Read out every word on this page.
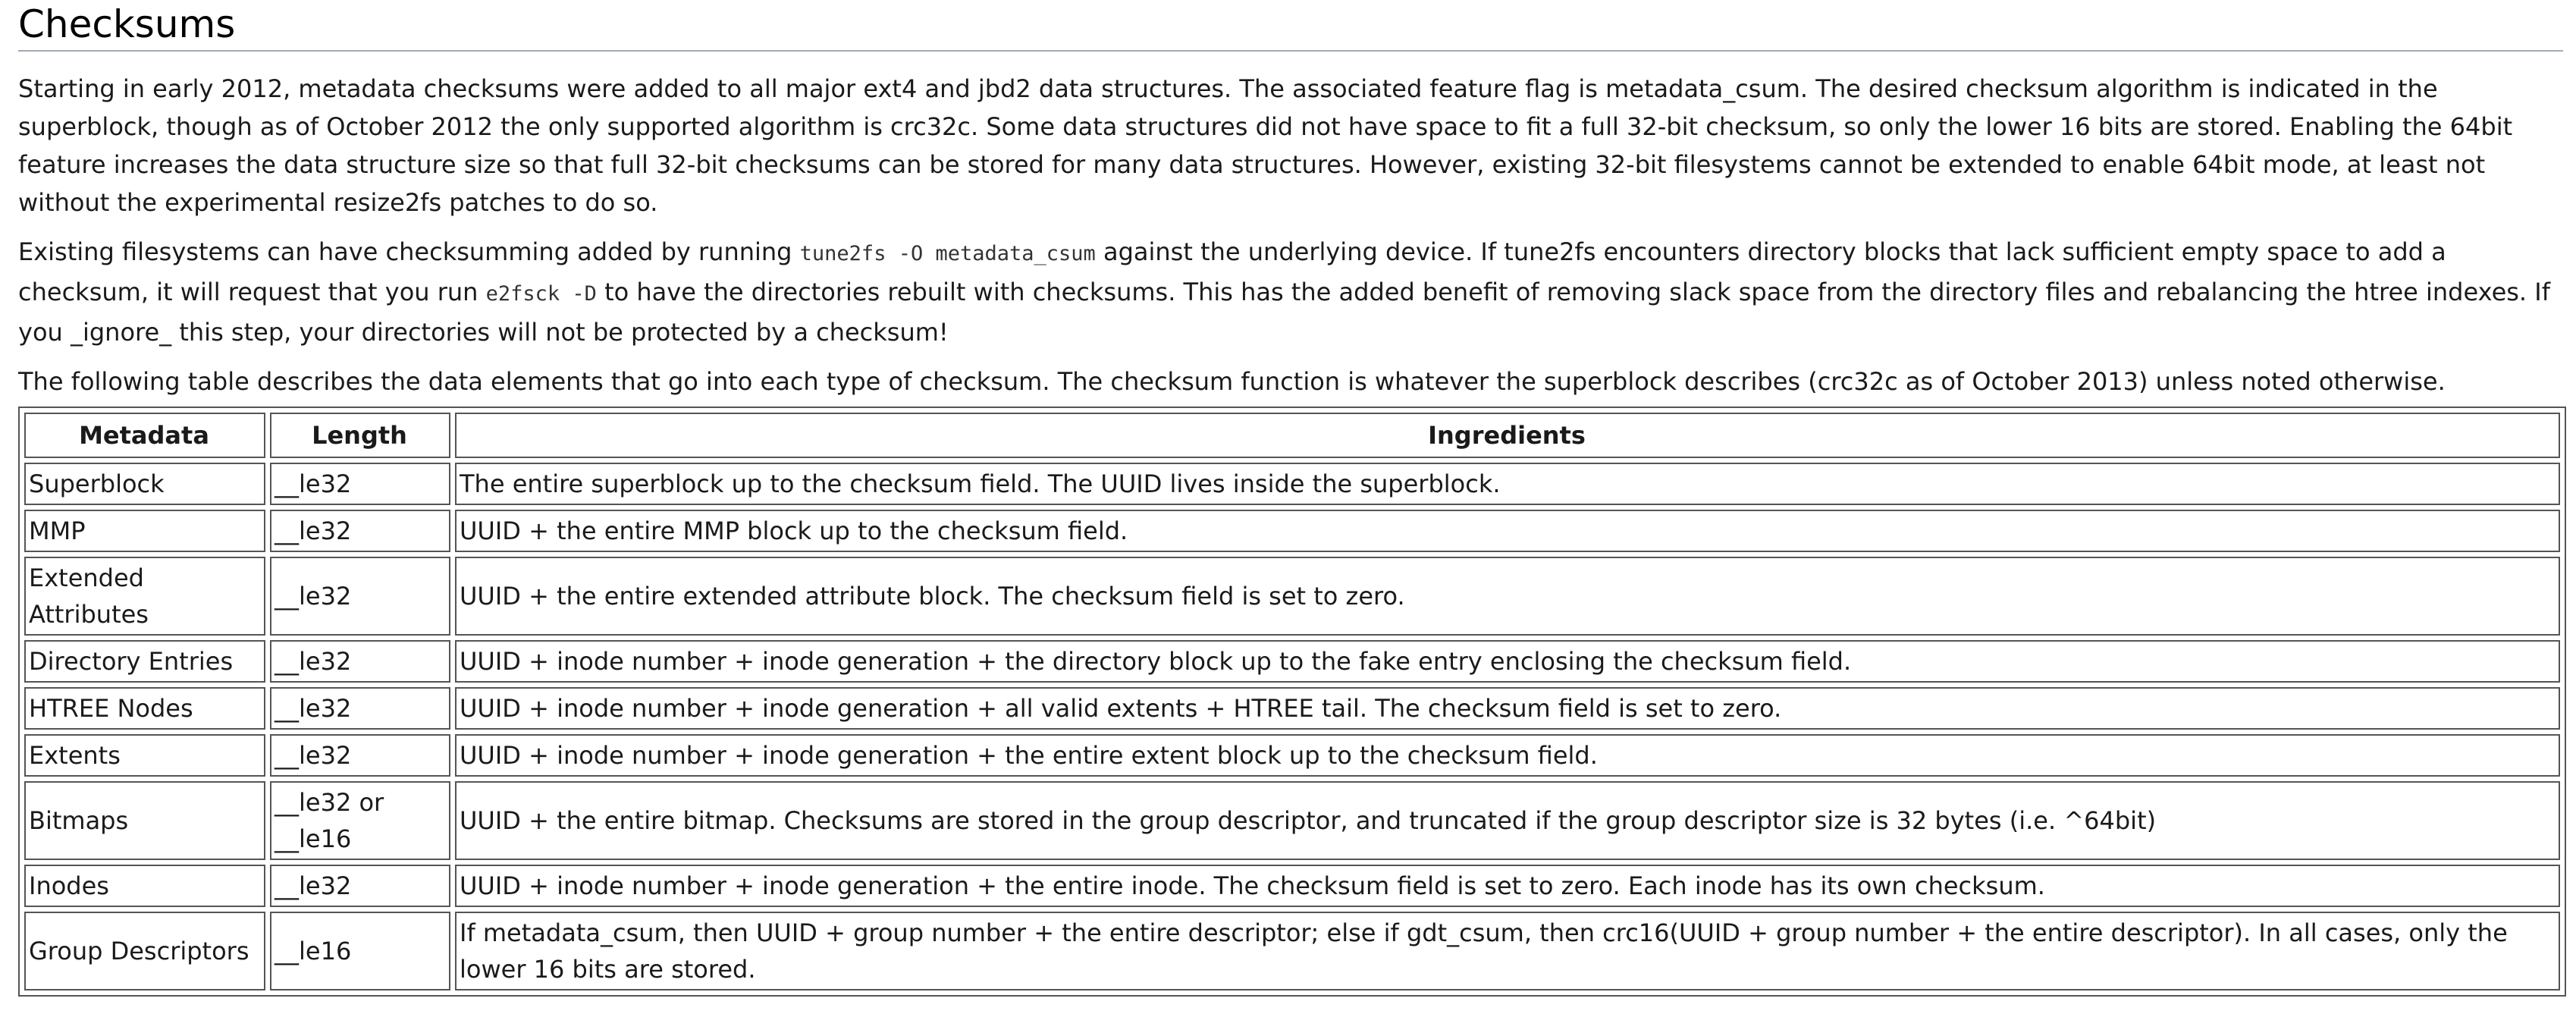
Checksums

Starting in early 2012, metadata checksums were added to all major ext4 and jbd2 data structures. The associated feature flag is metadata_csum. The desired checksum algorithm is indicated in the superblock, though as of October 2012 the only supported algorithm is crc32c. Some data structures did not have space to fit a full 32-bit checksum, so only the lower 16 bits are stored. Enabling the 64bit feature increases the data structure size so that full 32-bit checksums can be stored for many data structures. However, existing 32-bit filesystems cannot be extended to enable 64bit mode, at least not without the experimental resize2fs patches to do so.

Existing filesystems can have checksumming added by running tune2fs -O metadata_csum against the underlying device. If tune2fs encounters directory blocks that lack sufficient empty space to add a checksum, it will request that you run e2fsck -D to have the directories rebuilt with checksums. This has the added benefit of removing slack space from the directory files and rebalancing the htree indexes. If you _ignore_ this step, your directories will not be protected by a checksum!

The following table describes the data elements that go into each type of checksum. The checksum function is whatever the superblock describes (crc32c as of October 2013) unless noted otherwise.

Metadata	Length	Ingredients
Superblock	__le32	The entire superblock up to the checksum field. The UUID lives inside the superblock.
MMP	__le32	UUID + the entire MMP block up to the checksum field.
Extended Attributes	__le32	UUID + the entire extended attribute block. The checksum field is set to zero.
Directory Entries	__le32	UUID + inode number + inode generation + the directory block up to the fake entry enclosing the checksum field.
HTREE Nodes	__le32	UUID + inode number + inode generation + all valid extents + HTREE tail. The checksum field is set to zero.
Extents	__le32	UUID + inode number + inode generation + the entire extent block up to the checksum field.
Bitmaps	__le32 or __le16	UUID + the entire bitmap. Checksums are stored in the group descriptor, and truncated if the group descriptor size is 32 bytes (i.e. ^64bit)
Inodes	__le32	UUID + inode number + inode generation + the entire inode. The checksum field is set to zero. Each inode has its own checksum.
Group Descriptors	__le16	If metadata_csum, then UUID + group number + the entire descriptor; else if gdt_csum, then crc16(UUID + group number + the entire descriptor). In all cases, only the lower 16 bits are stored.
